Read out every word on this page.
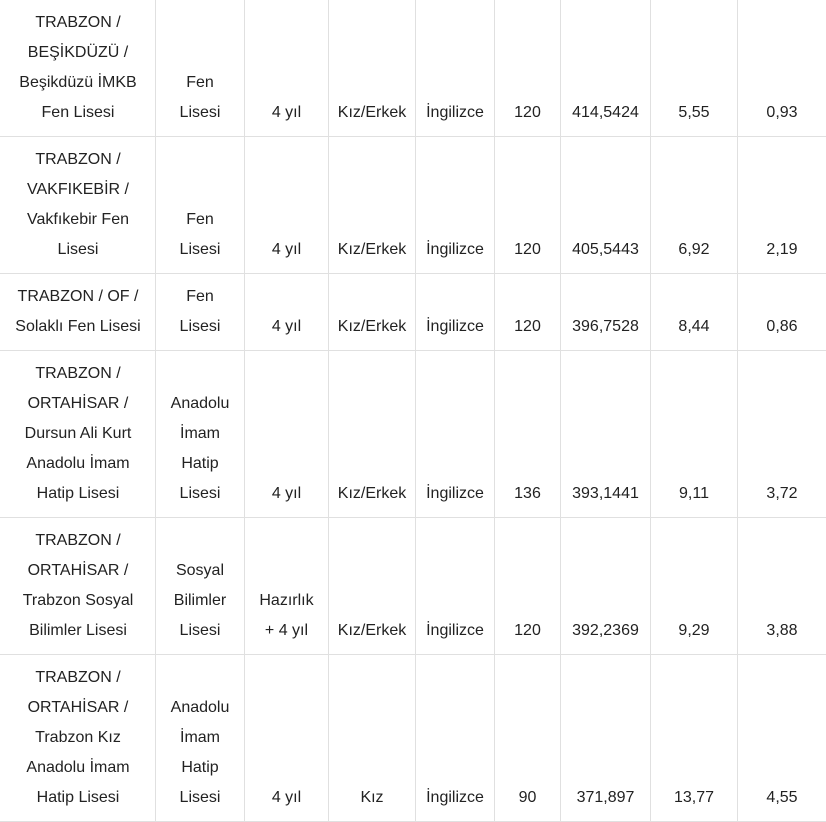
TRABZON /
BEŞİKDÜZÜ /
Beşikdüzü İMKB
Fen Lisesi	Fen
Lisesi	4 yıl	Kız/Erkek	İngilizce	120	414,5424	5,55	0,93

TRABZON /
VAKFIKEBİR /
Vakfıkebir Fen
Lisesi	Fen
Lisesi	4 yıl	Kız/Erkek	İngilizce	120	405,5443	6,92	2,19

TRABZON / OF /
Solaklı Fen Lisesi	Fen
Lisesi	4 yıl	Kız/Erkek	İngilizce	120	396,7528	8,44	0,86

TRABZON /
ORTAHİSAR /
Dursun Ali Kurt
Anadolu İmam
Hatip Lisesi	Anadolu
İmam
Hatip
Lisesi	4 yıl	Kız/Erkek	İngilizce	136	393,1441	9,11	3,72

TRABZON /
ORTAHİSAR /
Trabzon Sosyal
Bilimler Lisesi	Sosyal
Bilimler
Lisesi	Hazırlık
+ 4 yıl	Kız/Erkek	İngilizce	120	392,2369	9,29	3,88

TRABZON /
ORTAHİSAR /
Trabzon Kız
Anadolu İmam
Hatip Lisesi	Anadolu
İmam
Hatip
Lisesi	4 yıl	Kız	İngilizce	90	371,897	13,77	4,55
